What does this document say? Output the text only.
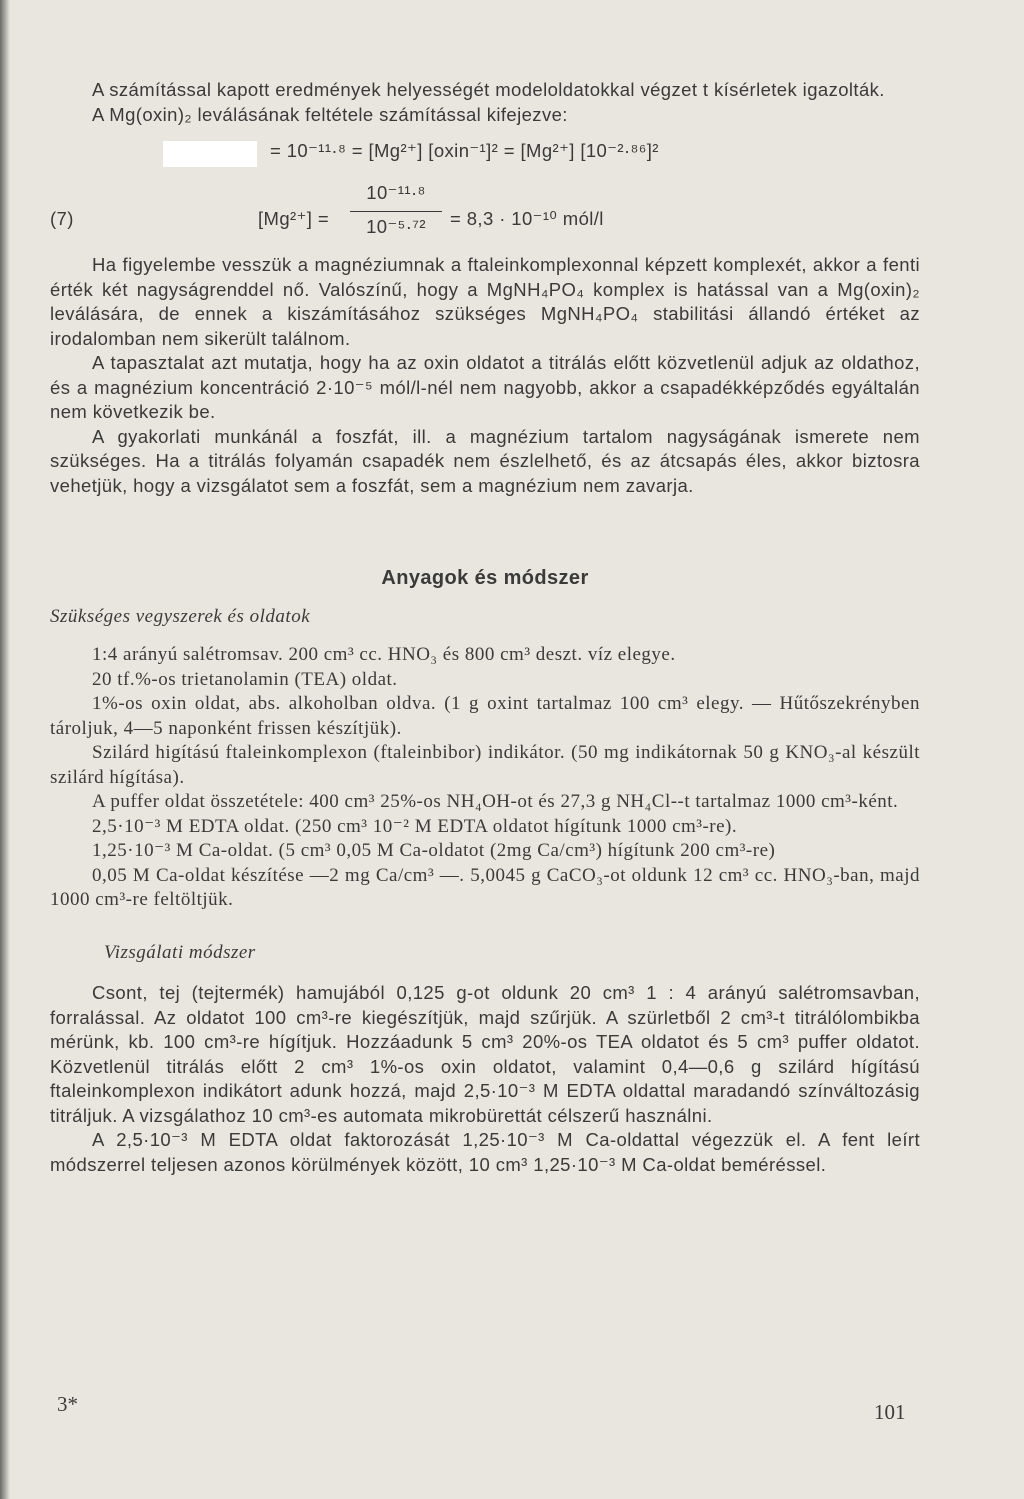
A számítással kapott eredmények helyességét modeloldatokkal végzet t kísérletek igazolták.

A Mg(oxin)₂ leválásának feltétele számítással kifejezve:

= 10⁻¹¹·⁸ = [Mg²⁺] [oxin⁻¹]² = [Mg²⁺] [10⁻²·⁸⁶]²
(7)	[Mg²⁺] =
10⁻¹¹·⁸
10⁻⁵·⁷²	= 8,3 · 10⁻¹⁰ mól/l

Ha figyelembe vesszük a magnéziumnak a ftaleinkomplexonnal képzett komplexét, akkor a fenti érték két nagyságrenddel nő. Valószínű, hogy a MgNH₄PO₄ komplex is hatással van a Mg(oxin)₂ leválására, de ennek a kiszámításához szükséges MgNH₄PO₄ stabilitási állandó értéket az irodalomban nem sikerült találnom.

A tapasztalat azt mutatja, hogy ha az oxin oldatot a titrálás előtt közvetlenül adjuk az oldathoz, és a magnézium koncentráció 2·10⁻⁵ mól/l-nél nem nagyobb, akkor a csapadékképződés egyáltalán nem következik be.

A gyakorlati munkánál a foszfát, ill. a magnézium tartalom nagyságának ismerete nem szükséges. Ha a titrálás folyamán csapadék nem észlelhető, és az átcsapás éles, akkor biztosra vehetjük, hogy a vizsgálatot sem a foszfát, sem a magnézium nem zavarja.

Anyagok és módszer

Szükséges vegyszerek és oldatok

1:4 arányú salétromsav. 200 cm³ cc. HNO₃ és 800 cm³ deszt. víz elegye.

20 tf.%-os trietanolamin (TEA) oldat.

1%-os oxin oldat, abs. alkoholban oldva. (1 g oxint tartalmaz 100 cm³ elegy. — Hűtőszekrényben tároljuk, 4—5 naponként frissen készítjük).

Szilárd higítású ftaleinkomplexon (ftaleinbibor) indikátor. (50 mg indikátornak 50 g KNO₃-al készült szilárd hígítása).

A puffer oldat összetétele: 400 cm³ 25%-os NH₄OH-ot és 27,3 g NH₄Cl--t tartalmaz 1000 cm³-ként.

2,5·10⁻³ M EDTA oldat. (250 cm³ 10⁻² M EDTA oldatot hígítunk 1000 cm³-re).

1,25·10⁻³ M Ca-oldat. (5 cm³ 0,05 M Ca-oldatot (2mg Ca/cm³) hígítunk 200 cm³-re)

0,05 M Ca-oldat készítése —2 mg Ca/cm³ —. 5,0045 g CaCO₃-ot oldunk 12 cm³ cc. HNO₃-ban, majd 1000 cm³-re feltöltjük.

Vizsgálati módszer

Csont, tej (tejtermék) hamujából 0,125 g-ot oldunk 20 cm³ 1 : 4 arányú salétromsavban, forralással. Az oldatot 100 cm³-re kiegészítjük, majd szűrjük. A szürletből 2 cm³-t titrálólombikba mérünk, kb. 100 cm³-re hígítjuk. Hozzáadunk 5 cm³ 20%-os TEA oldatot és 5 cm³ puffer oldatot. Közvetlenül titrálás előtt 2 cm³ 1%-os oxin oldatot, valamint 0,4—0,6 g szilárd hígítású ftaleinkomplexon indikátort adunk hozzá, majd 2,5·10⁻³ M EDTA oldattal maradandó színváltozásig titráljuk. A vizsgálathoz 10 cm³-es automata mikrobürettát célszerű használni.

A 2,5·10⁻³ M EDTA oldat faktorozását 1,25·10⁻³ M Ca-oldattal végezzük el. A fent leírt módszerrel teljesen azonos körülmények között, 10 cm³ 1,25·10⁻³ M Ca-oldat beméréssel.

3*	101
